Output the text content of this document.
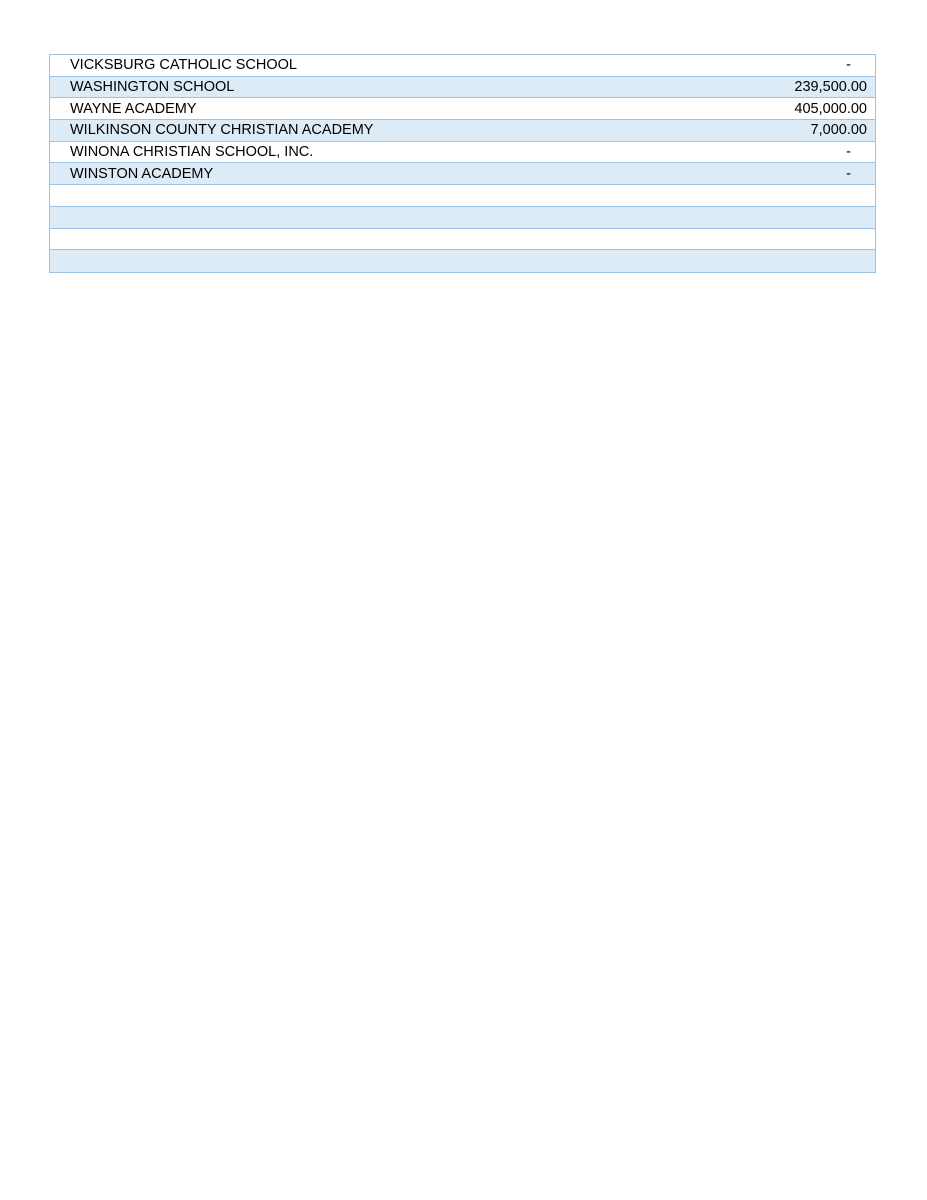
VICKSBURG CATHOLIC SCHOOL	-
WASHINGTON SCHOOL	239,500.00
WAYNE ACADEMY	405,000.00
WILKINSON COUNTY CHRISTIAN ACADEMY	7,000.00
WINONA CHRISTIAN SCHOOL, INC.	-
WINSTON ACADEMY	-
